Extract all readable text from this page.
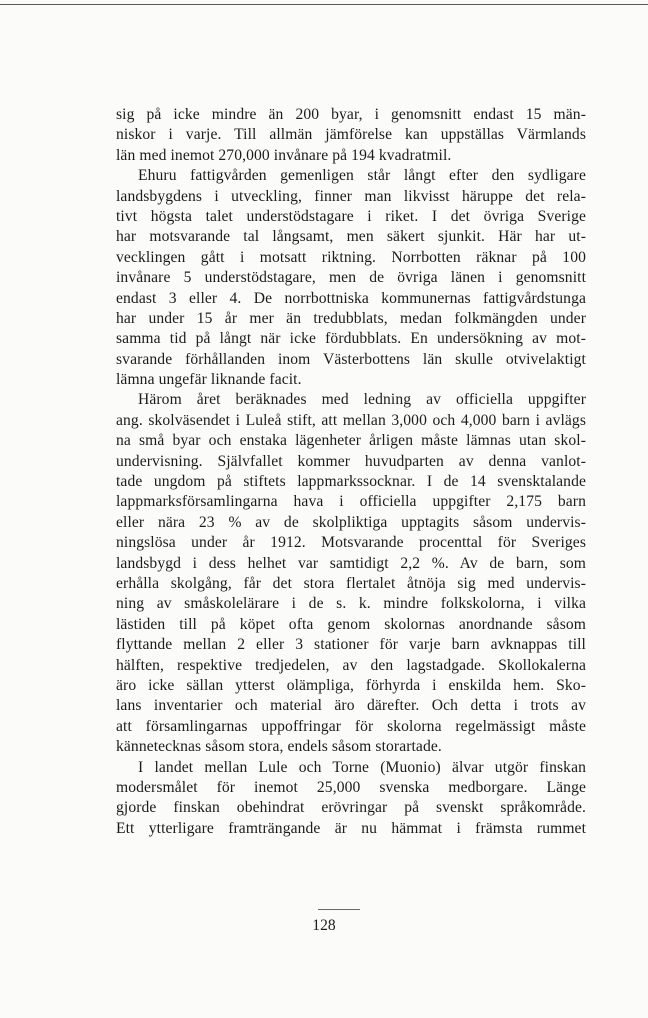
sig på icke mindre än 200 byar, i genomsnitt endast 15 män-
niskor i varje. Till allmän jämförelse kan uppställas Värmlands
län med inemot 270,000 invånare på 194 kvadratmil.
Ehuru fattigvården gemenligen står långt efter den sydligare
landsbygdens i utveckling, finner man likvisst häruppe det rela-
tivt högsta talet understödstagare i riket. I det övriga Sverige
har motsvarande tal långsamt, men säkert sjunkit. Här har ut-
vecklingen gått i motsatt riktning. Norrbotten räknar på 100
invånare 5 understödstagare, men de övriga länen i genomsnitt
endast 3 eller 4. De norrbottniska kommunernas fattigvårdstunga
har under 15 år mer än tredubblats, medan folkmängden under
samma tid på långt när icke fördubblats. En undersökning av mot-
svarande förhållanden inom Västerbottens län skulle otvivelaktigt
lämna ungefär liknande facit.
Härom året beräknades med ledning av officiella uppgifter
ang. skolväsendet i Luleå stift, att mellan 3,000 och 4,000 barn i avlägs
na små byar och enstaka lägenheter årligen måste lämnas utan skol-
undervisning. Självfallet kommer huvudparten av denna vanlot-
tade ungdom på stiftets lappmarkssocknar. I de 14 svensktalande
lappmarksförsamlingarna hava i officiella uppgifter 2,175 barn
eller nära 23 % av de skolpliktiga upptagits såsom undervis-
ningslösa under år 1912. Motsvarande procenttal för Sveriges
landsbygd i dess helhet var samtidigt 2,2 %. Av de barn, som
erhålla skolgång, får det stora flertalet åtnöja sig med undervis-
ning av småskolelärare i de s. k. mindre folkskolorna, i vilka
lästiden till på köpet ofta genom skolornas anordnande såsom
flyttande mellan 2 eller 3 stationer för varje barn avknappas till
hälften, respektive tredjedelen, av den lagstadgade. Skollokalerna
äro icke sällan ytterst olämpliga, förhyrda i enskilda hem. Sko-
lans inventarier och material äro därefter. Och detta i trots av
att församlingarnas uppoffringar för skolorna regelmässigt måste
kännetecknas såsom stora, endels såsom storartade.
I landet mellan Lule och Torne (Muonio) älvar utgör finskan
modersmålet för inemot 25,000 svenska medborgare. Länge
gjorde finskan obehindrat erövringar på svenskt språkområde.
Ett ytterligare framträngande är nu hämmat i främsta rummet
128
